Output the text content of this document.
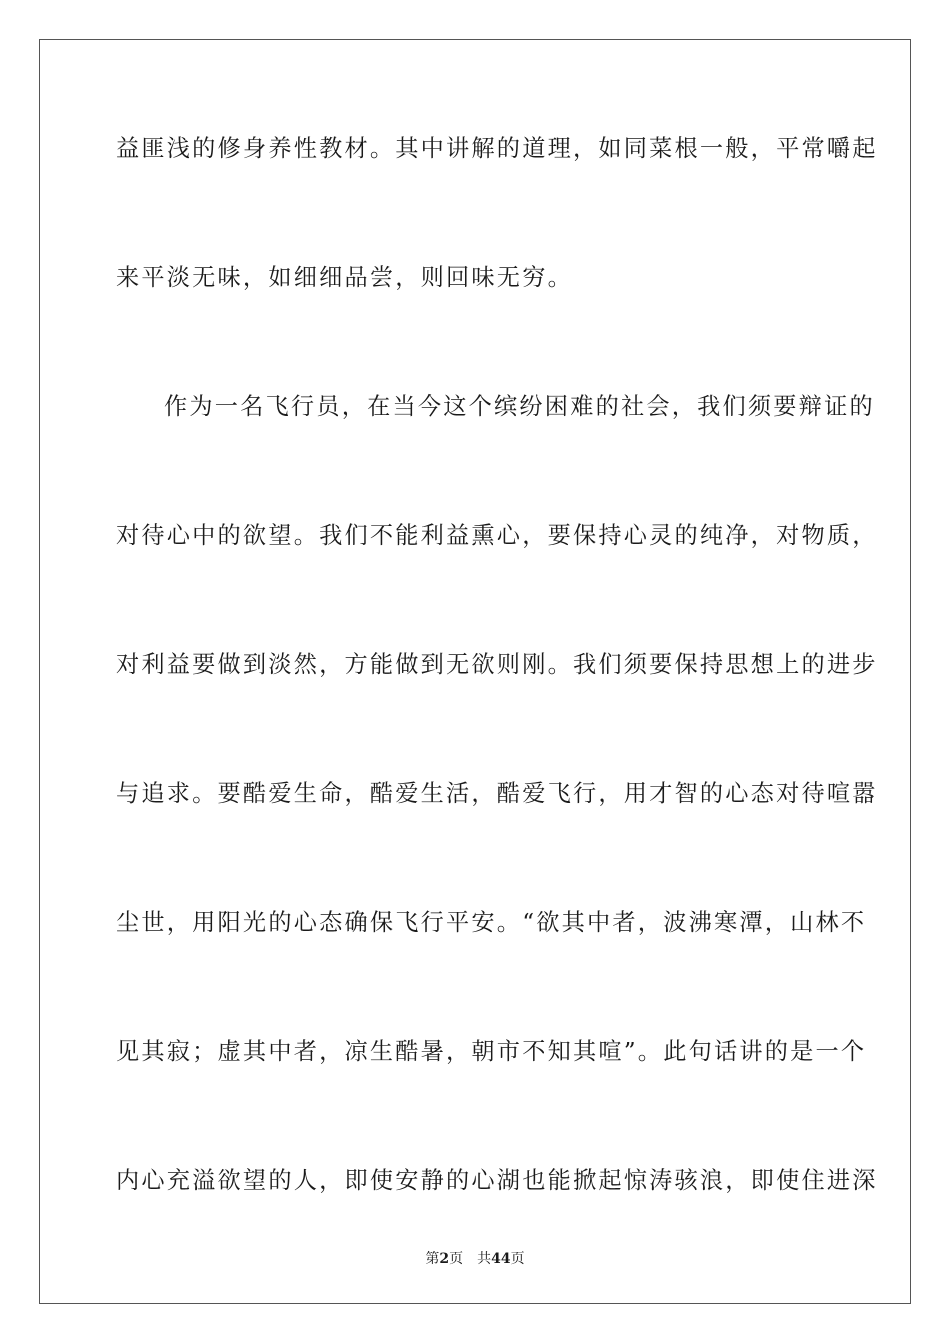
益匪浅的修身养性教材。其中讲解的道理，如同菜根一般，平常嚼起
来平淡无味，如细细品尝，则回味无穷。
作为一名飞行员，在当今这个缤纷困难的社会，我们须要辩证的
对待心中的欲望。我们不能利益熏心，要保持心灵的纯净，对物质，
对利益要做到淡然，方能做到无欲则刚。我们须要保持思想上的进步
与追求。要酷爱生命，酷爱生活，酷爱飞行，用才智的心态对待喧嚣
尘世，用阳光的心态确保飞行平安。“欲其中者，波沸寒潭，山林不
见其寂；虚其中者，凉生酷暑，朝市不知其喧”。此句话讲的是一个
内心充溢欲望的人，即使安静的心湖也能掀起惊涛骇浪，即使住进深
第2页 共44页
